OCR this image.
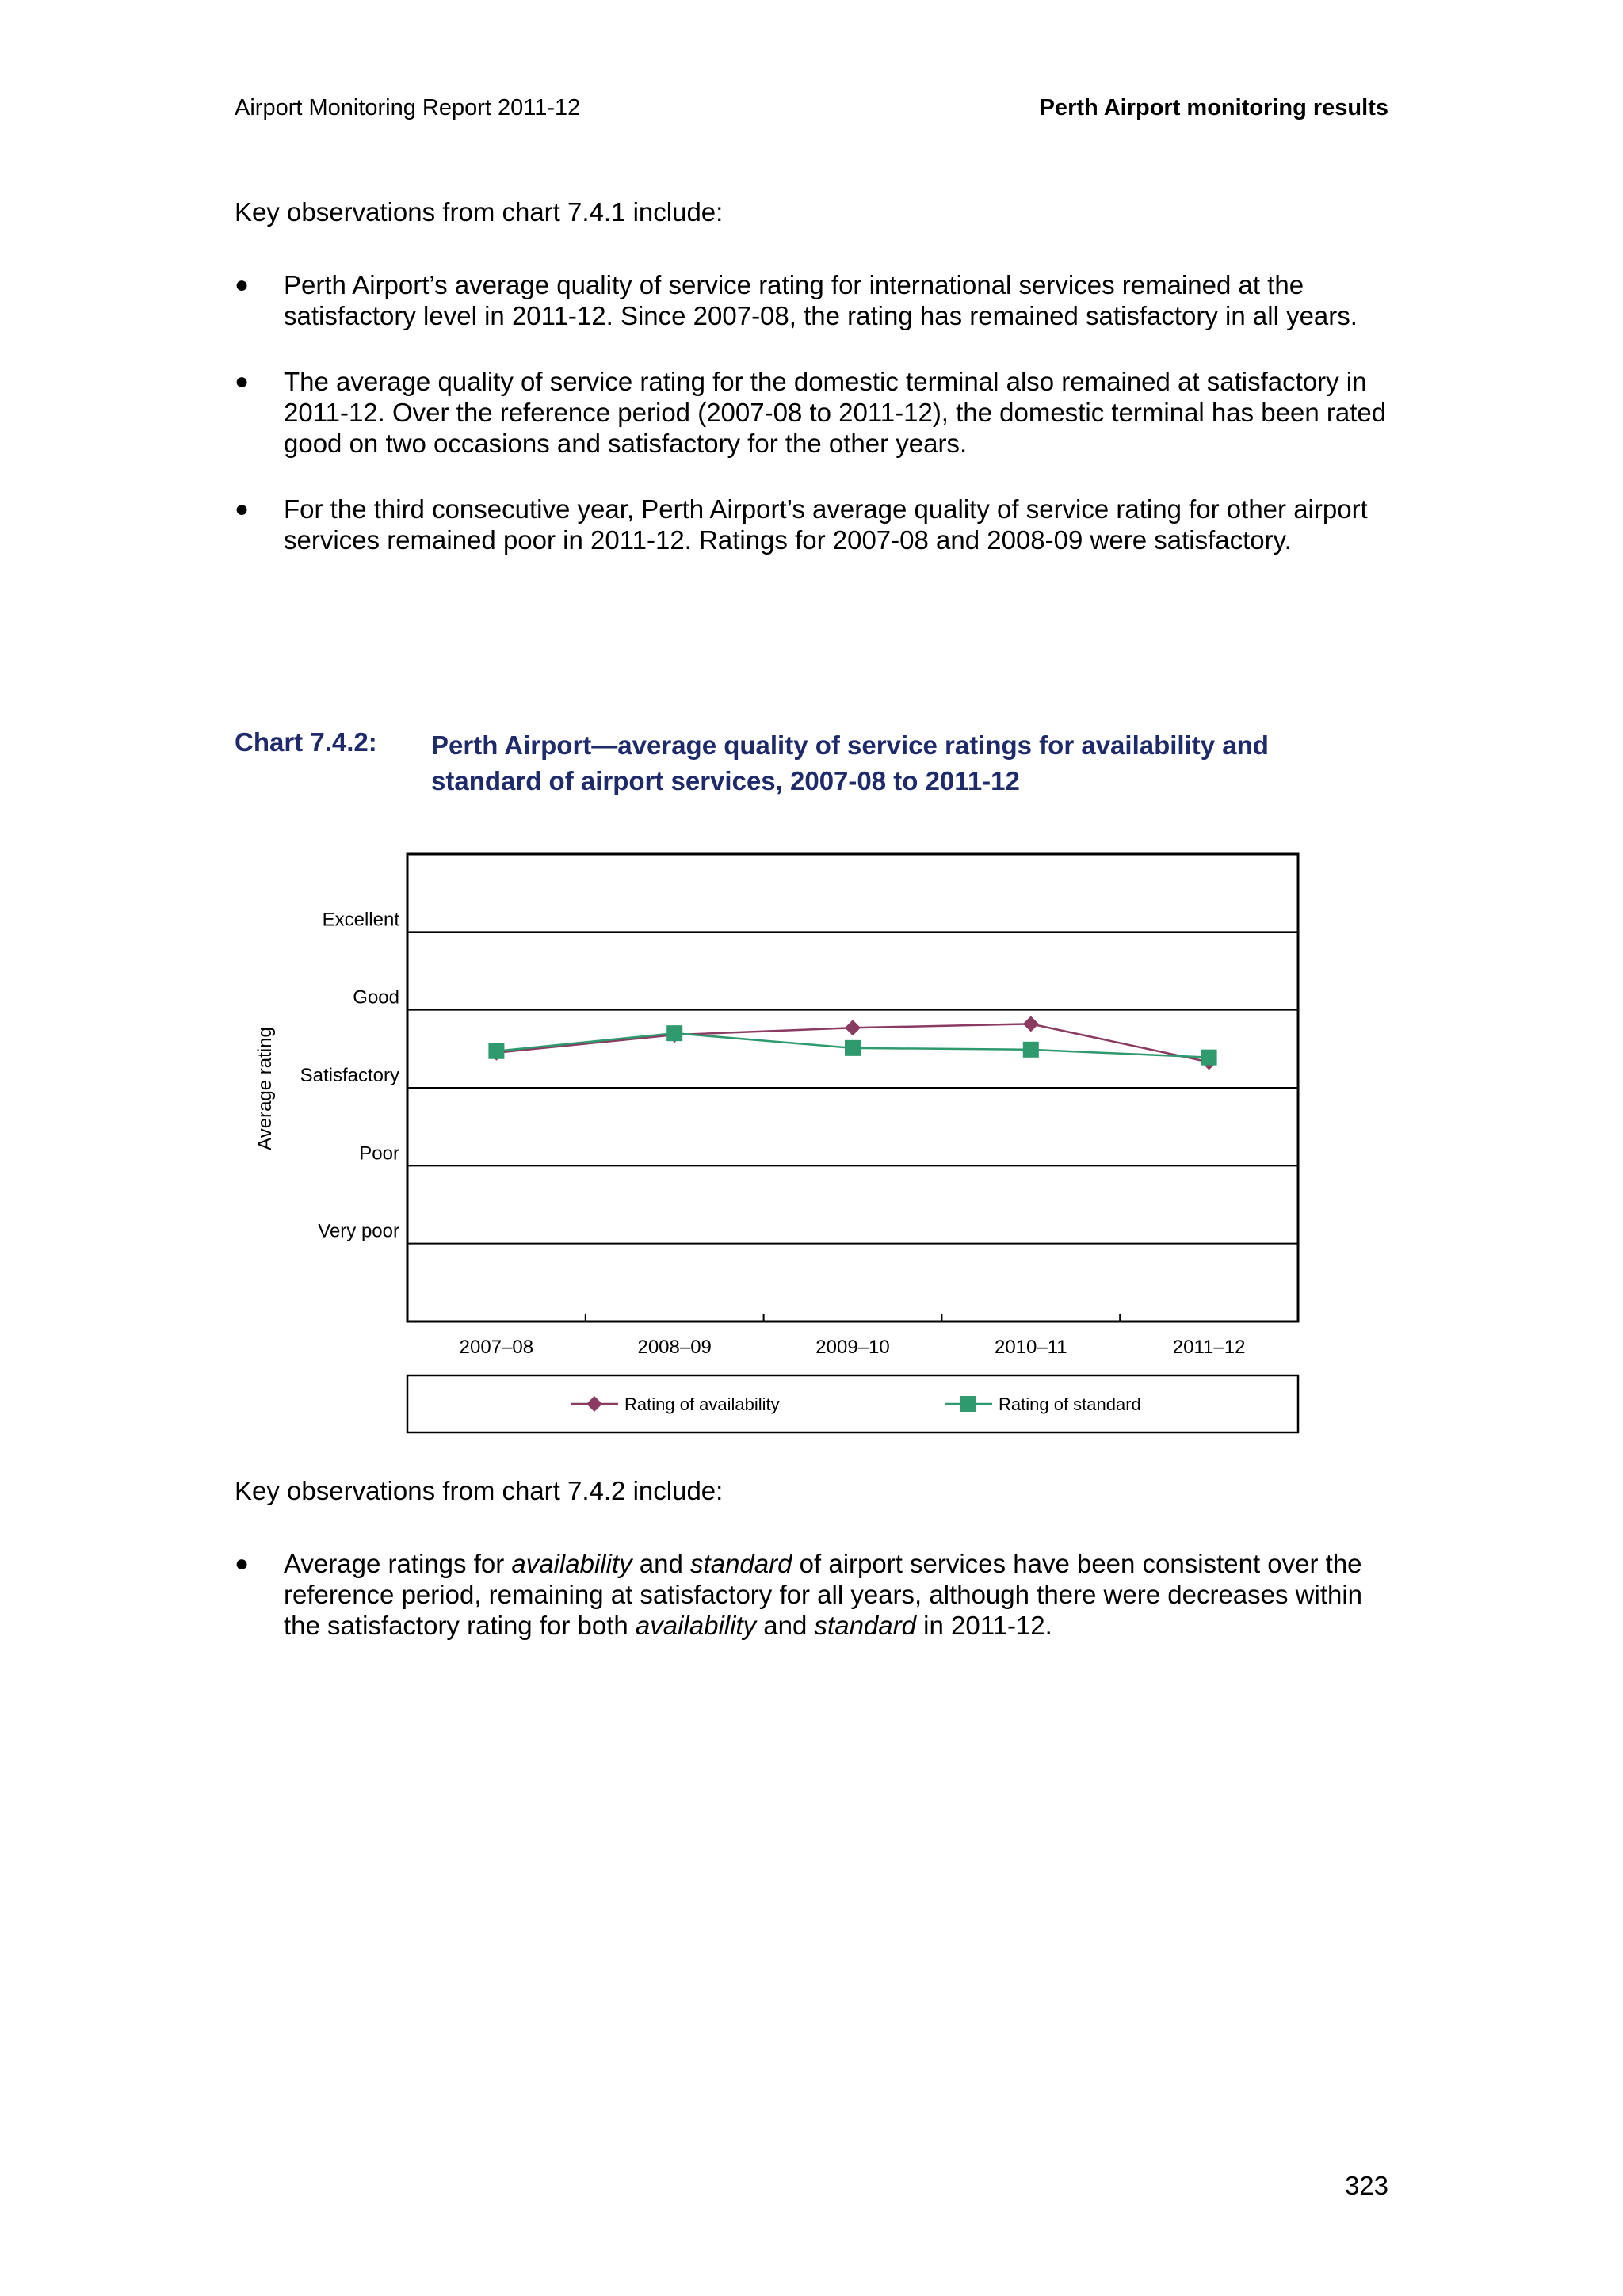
Airport Monitoring Report 2011-12	Perth Airport monitoring results
Key observations from chart 7.4.1 include:
●	Perth Airport’s average quality of service rating for international services remained at the satisfactory level in 2011-12. Since 2007-08, the rating has remained satisfactory in all years.
●	The average quality of service rating for the domestic terminal also remained at satisfactory in 2011-12. Over the reference period (2007-08 to 2011-12), the domestic terminal has been rated good on two occasions and satisfactory for the other years.
●	For the third consecutive year, Perth Airport’s average quality of service rating for other airport services remained poor in 2011-12. Ratings for 2007-08 and 2008-09 were satisfactory.
Chart 7.4.2: Perth Airport—average quality of service ratings for availability and standard of airport services, 2007-08 to 2011-12
Very poor
Poor
Satisfactory
Good
Excellent
Average rating
2007–08	2008–09	2009–10	2010–11	2011–12
Rating of availability	Rating of standard
Key observations from chart 7.4.2 include:
●	Average ratings for availability and standard of airport services have been consistent over the reference period, remaining at satisfactory for all years, although there were decreases within the satisfactory rating for both availability and standard in 2011-12.
323
